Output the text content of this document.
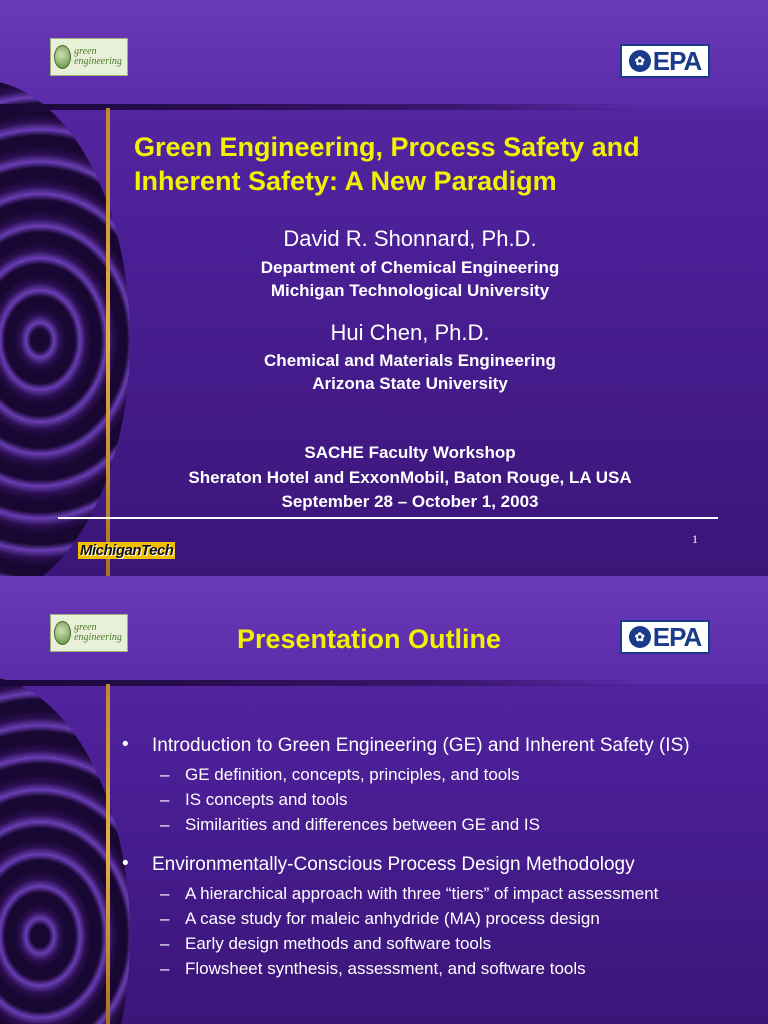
green engineering	✿ EPA
Green Engineering, Process Safety and Inherent Safety: A New Paradigm
David R. Shonnard, Ph.D.
Department of Chemical Engineering
Michigan Technological University
Hui Chen, Ph.D.
Chemical and Materials Engineering
Arizona State University
SACHE Faculty Workshop
Sheraton Hotel and ExxonMobil, Baton Rouge, LA USA
September 28 – October 1, 2003
1
MichiganTech
green engineering	✿ EPA
Presentation Outline
• Introduction to Green Engineering (GE) and Inherent Safety (IS)
– GE definition, concepts, principles, and tools
– IS concepts and tools
– Similarities and differences between GE and IS
• Environmentally-Conscious Process Design Methodology
– A hierarchical approach with three “tiers” of impact assessment
– A case study for maleic anhydride (MA) process design
– Early design methods and software tools
– Flowsheet synthesis, assessment, and software tools
